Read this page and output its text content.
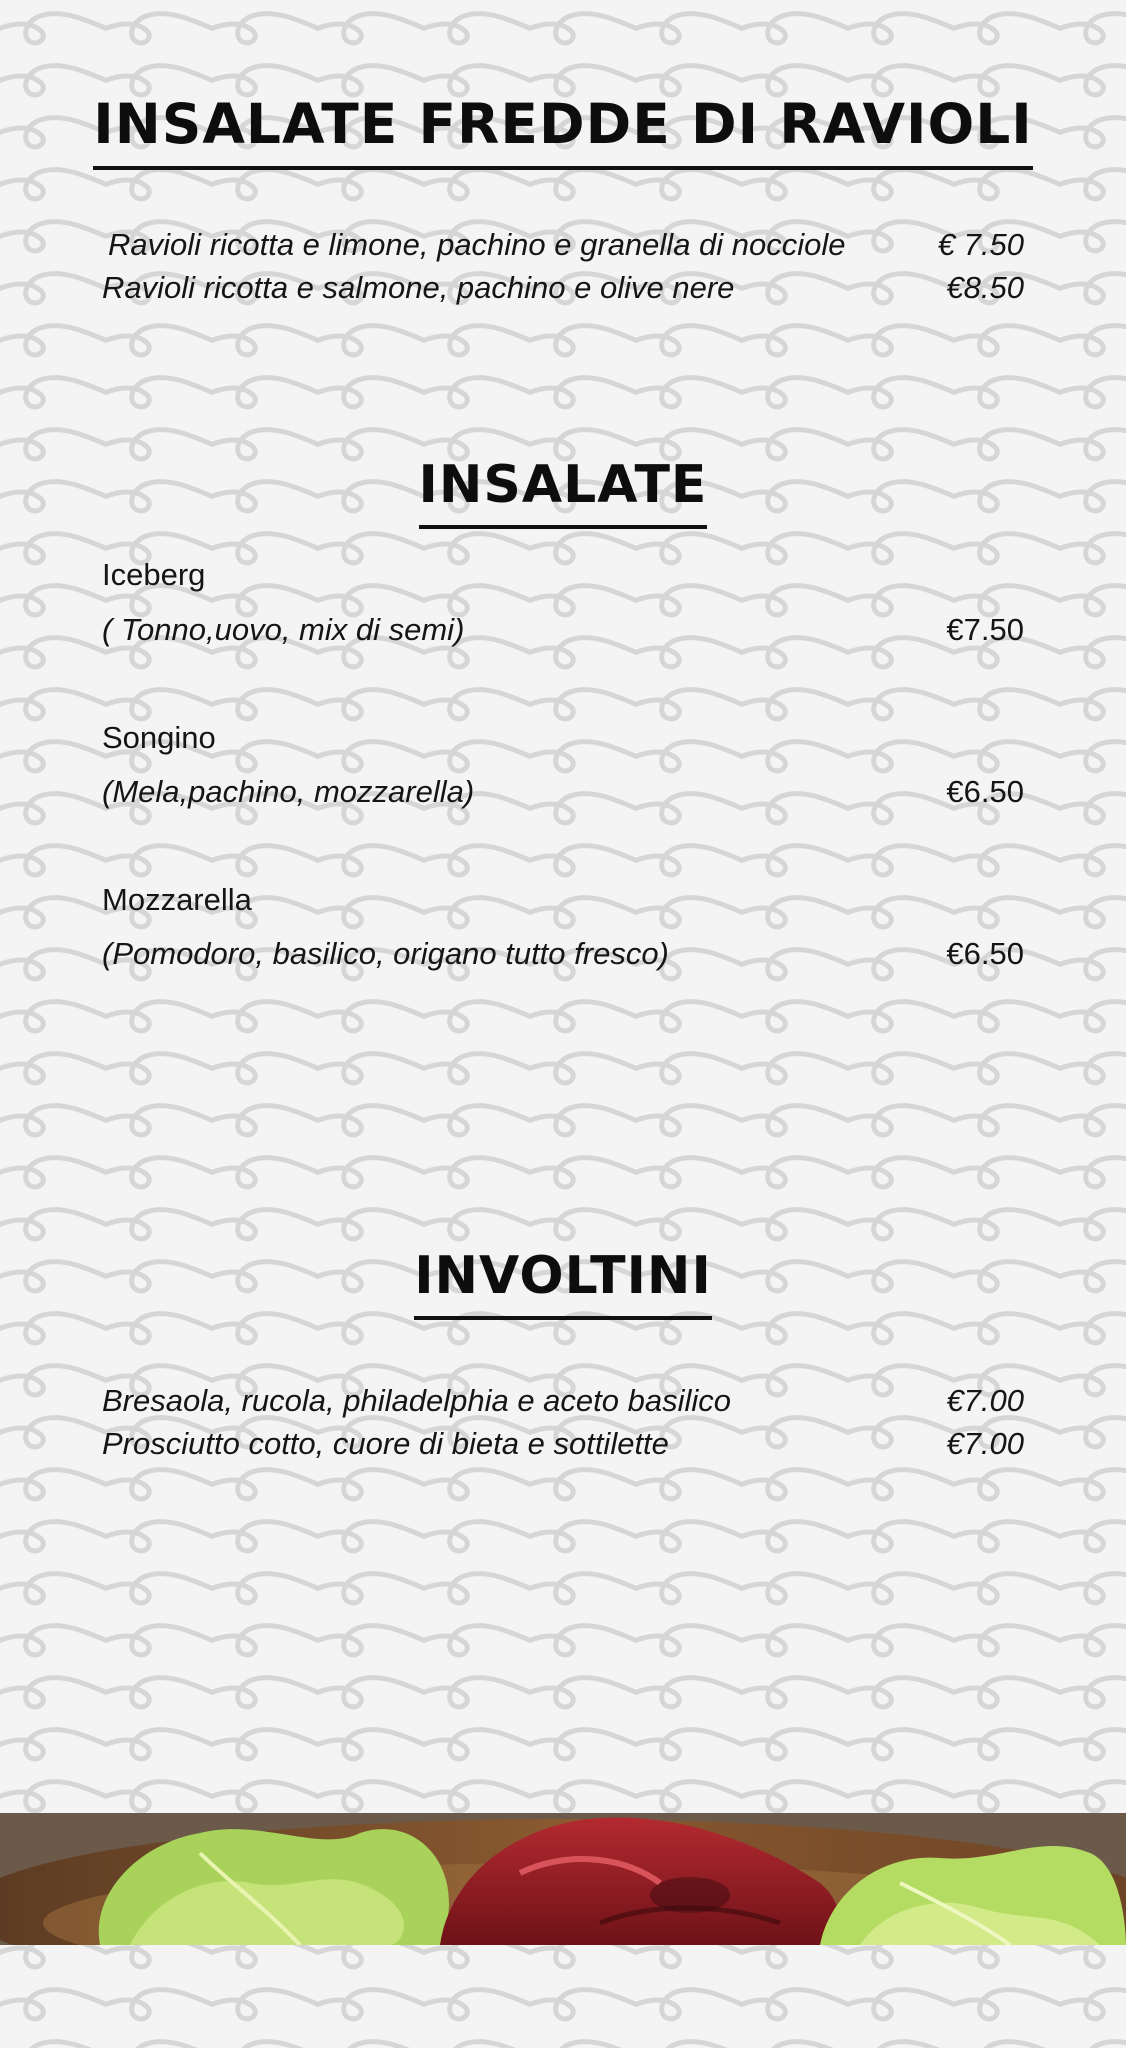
INSALATE FREDDE DI RAVIOLI
Ravioli ricotta e limone, pachino e granella di nocciole	€ 7.50
Ravioli ricotta e salmone, pachino e olive nere	€8.50
INSALATE
Iceberg
( Tonno,uovo, mix di semi)	€7.50
Songino
(Mela,pachino, mozzarella)	€6.50
Mozzarella
(Pomodoro, basilico, origano tutto fresco)	€6.50
INVOLTINI
Bresaola, rucola, philadelphia e aceto basilico	€7.00
Prosciutto cotto, cuore di bieta e sottilette	€7.00
